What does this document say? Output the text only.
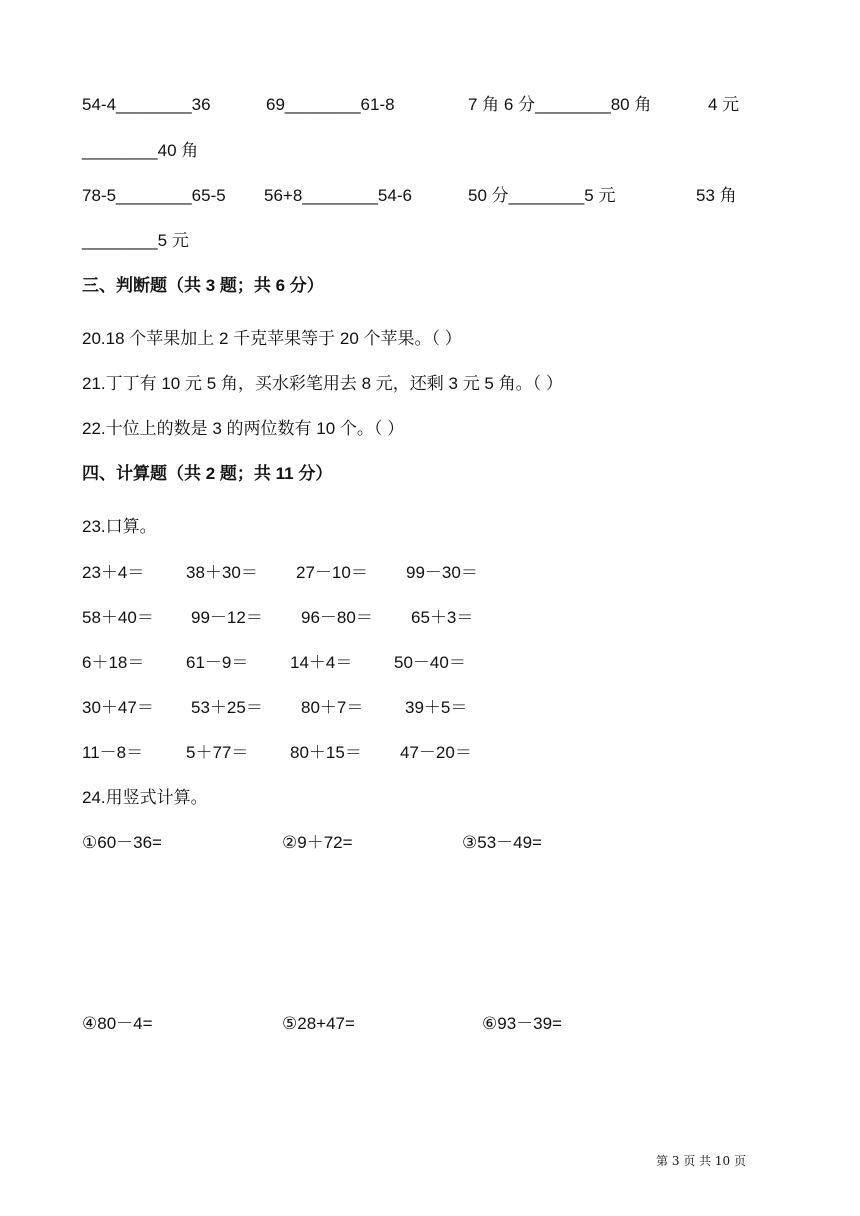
54-4________36	69________61-8	7 角 6 分________80 角	4 元
________40 角
78-5________65-5 56+8________54-6	50 分________5 元	53 角
________5 元
三、判断题（共 3 题；共 6 分）
20.18 个苹果加上 2 千克苹果等于 20 个苹果。（ ）
21.丁丁有 10 元 5 角，买水彩笔用去 8 元，还剩 3 元 5 角。（ ）
22.十位上的数是 3 的两位数有 10 个。（ ）
四、计算题（共 2 题；共 11 分）
23.口算。
23＋4＝ 38＋30＝ 27－10＝ 99－30＝
58＋40＝ 99－12＝ 96－80＝ 65＋3＝
6＋18＝ 61－9＝ 14＋4＝ 50－40＝
30＋47＝ 53＋25＝ 80＋7＝ 39＋5＝
11－8＝	5＋77＝ 80＋15＝ 47－20＝
24.用竖式计算。
①60－36=	②9＋72=	③53－49=
④80－4=	⑤28+47=	⑥93－39=
第 3 页 共 10 页
